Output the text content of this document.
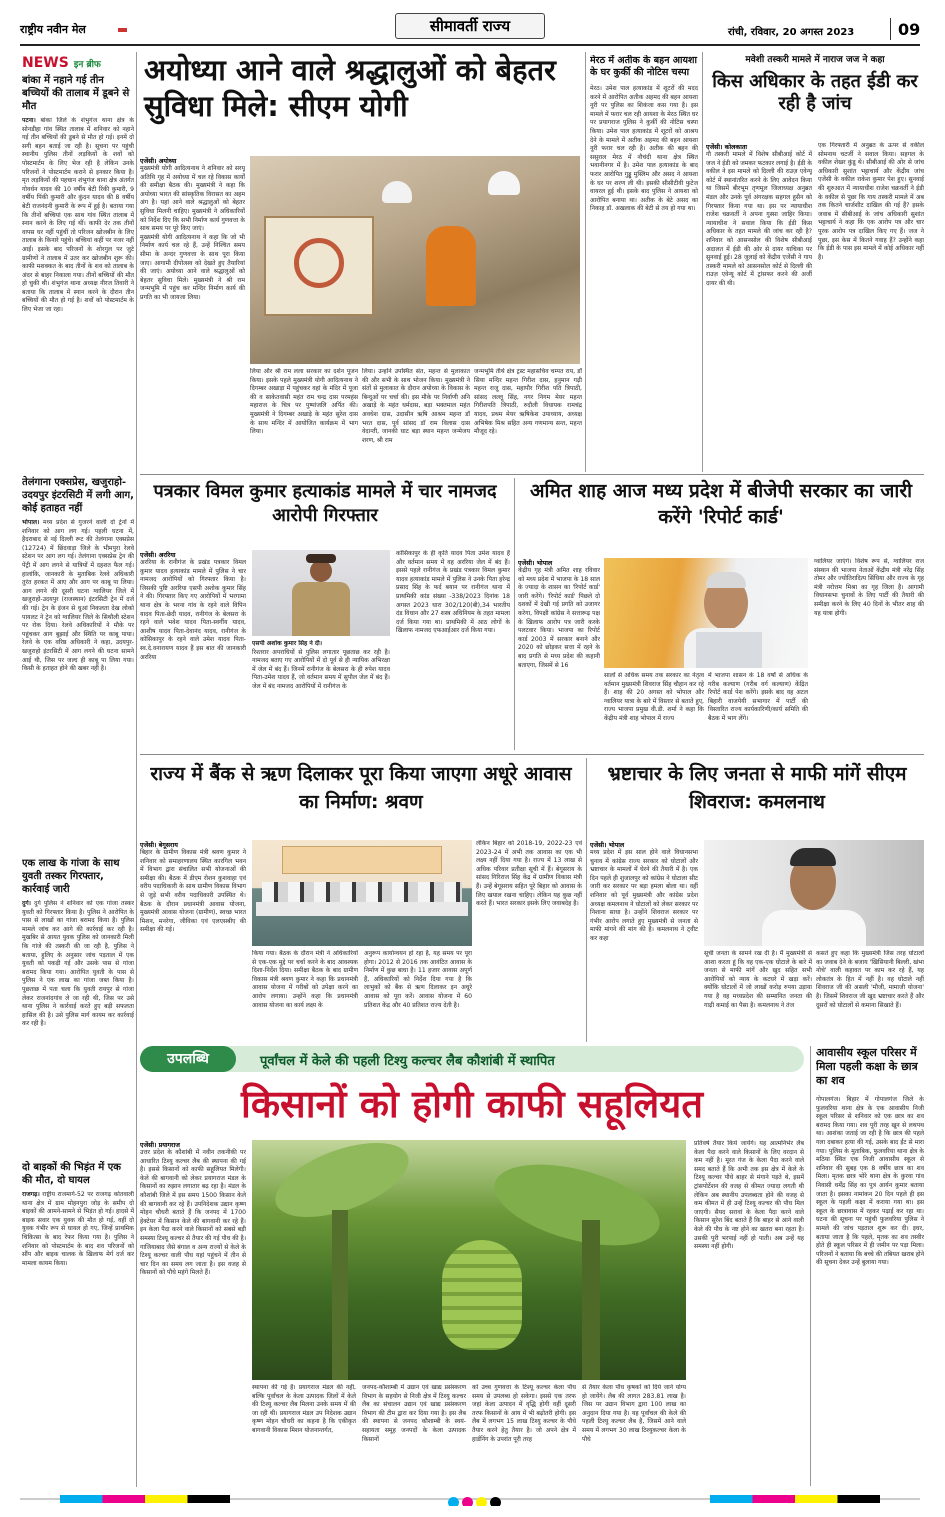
राष्ट्रीय नवीन मेल	सीमावर्ती राज्य	रांची, रविवार, 20 अगस्त 2023	09
NEWS इन ब्रीफ
बांका में नहाने गई तीन बच्चियों की तालाब में डूबने से मौत
पटना। बांका जिले के शंभुगंज थाना क्षेत्र के सोनडीहा गांव स्थित तालाब में शनिवार को नहाने गई तीन बच्चियों की डूबने से मौत हो गई। इनमें दो सगी बहन बताई जा रही है। सूचना पर पहुंची स्थानीय पुलिस तीनों लड़कियों के शवों को पोस्टमार्टम के लिए भेज रही है लेकिन उनके परिजनों ने पोस्टमार्टम कराने से इनकार किया है। मृत लड़कियों की पहचान शंभुगंज थाना क्षेत्र अंतर्गत गोवर्धन यादव की 10 वर्षीय बेटी रिंकी कुमारी, 9 वर्षीय पिंकी कुमारी और कुंदन यादव की 8 वर्षीय बेटी राजनंदनी कुमारी के रूप में हुई है। बताया गया कि तीनों बच्चियां एक साथ गांव स्थित तालाब में स्नान करने के लिए गई थीं। काफी देर तक तीनों वापस घर नहीं पहुंचीं तो परिजन खोजबीन के लिए तालाब के किनारे पहुंचे। बच्चियां कहीं पर नजर नहीं आईं। इसके बाद परिजनों के शोरगुल पर जुटे ग्रामीणों ने तालाब में उतर कर खोजबीन शुरू की। काफी मशक्कत के बाद तीनों के शव को तालाब के अंदर से बाहर निकाला गया। तीनों बच्चियों की मौत हो चुकी थी। शंभुगंज थाना अध्यक्ष नीरज तिवारी ने बताया कि तालाब में स्नान करने के दौरान तीन बच्चियों की मौत हो गई है। शवों को पोस्टमार्टम के लिए भेजा जा रहा।
तेलंगाना एक्सप्रेस, खजुराहो-उदयपुर इंटरसिटी में लगी आग, कोई हताहत नहीं
भोपाल। मध्य प्रदेश से गुजरने वाली दो ट्रेनों में शनिवार को आग लग गई। पहली घटना में, हैदराबाद से नई दिल्ली रूट की तेलंगाना एक्सप्रेस (12724) में छिंदवाड़ा जिले के भीमपुरा रेलवे स्टेशन पर आग लग गई। तेलंगाना एक्सप्रेस ट्रेन की पेंट्री में आग लगने से यात्रियों में दहशत फैल गई। हालांकि, जानकारी के मुताबिक रेलवे अधिकारी तुरंत हरकत में आए और आग पर काबू पा लिया। आग लगने की दूसरी घटना ग्वालियर जिले में खजुराहो-उदयपुर (राजस्थान) इंटरसिटी ट्रेन में दर्ज की गई। ट्रेन के इंजन से धुआं निकलता देख लोको पायलट ने ट्रेन को ग्वालियर जिले के सिथौली स्टेशन पर रोक दिया। रेलवे अधिकारियों ने मौके पर पहुंचकर आग बुझाई और स्थिति पर काबू पाया। रेलवे के एक वरिष्ठ अधिकारी ने कहा, उदयपुर-खजुराहो इंटरसिटी में आग लगने की घटना सामने आई थी, जिस पर जल्द ही काबू पा लिया गया। किसी के हताहत होने की खबर नहीं है।
एक लाख के गांजा के साथ युवती तस्कर गिरफ्तार, कार्रवाई जारी
दुर्ग। दुर्ग पुलिस ने शनिवार को एक गांजा तस्कर युवती को गिरफ्तार किया है। पुलिस ने आरोपित के पास से लाखों का गांजा बरामद किया है। पुलिस मामले जांच कर आगे की कार्रवाई कर रही है। मुखबिर से आयत युवक पुलिस को जानकारी मिली कि गांजे की तस्करी की जा रही है, पुलिस ने बताया, हुलिए के अनुसार जांच पड़ताल में एक युवती को पकड़ी गई और उसके पास से गांजा बरामद किया गया। आरोपित युवती के पास से पुलिस ने एक लाख का गांजा जब्त किया है। पूछताछ में पता चला कि युवती रायपुर से गांजा लेकर राजनांदगांव ले जा रही थी, जिस पर उसे थाना पुलिस ने कार्रवाई करते हुए बड़ी सफलता हासिल की है। उसे पुलिस मार्ग कायम कर कार्रवाई कर रही है।
दो बाइकों की भिड़ंत में एक की मौत, दो घायल
राजगढ़। राष्ट्रीय राजमार्ग-52 पर राजगढ़ कोतवाली थाना क्षेत्र में ग्राम मोहनपुरा जोड़ के समीप दो बाइकों की आमने-सामने से भिड़ंत हो गई। हादसे में बाइक सवार एक युवक की मौत हो गई, वहीं दो युवक गंभीर रूप से घायल हो गए, जिन्हें प्राथमिक चिकित्सा के बाद रेफर किया गया है। पुलिस ने शनिवार को पोस्टमार्टम के बाद शव परिजनों को सौंप और बाइक चालक के खिलाफ मेर्ग दर्ज कर मामला कायम किया।
अयोध्या आने वाले श्रद्धालुओं को बेहतर सुविधा मिले: सीएम योगी
एजेंसी। अयोध्या
मुख्यमंत्री योगी आदित्यनाथ ने शनिवार को सरयू अतिथि गृह में अयोध्या में चल रहे विकास कार्यों की समीक्षा बैठक की। मुख्यमंत्री ने कहा कि अयोध्या भारत की सांस्कृतिक विरासत का अहम अंग है। यहां आने वाले श्रद्धालुओं को बेहतर सुविधा मिलनी चाहिए। मुख्यमंत्री ने अधिकारियों को निर्देश दिए कि सभी निर्माण कार्य गुणवत्ता के साथ समय पर पूरे किए जाएं।
मुख्यमंत्री योगी आदित्यनाथ ने कहा कि जो भी निर्माण कार्य चल रहे हैं, उन्हें निश्चित समय सीमा के अन्दर गुणवत्ता के साथ पूरा किया जाए। आगामी दीपोत्सव को देखते हुए तैयारियां की जाएं। अयोध्या आने वाले श्रद्धालुओं को बेहतर सुविधा मिले। मुख्यमंत्री ने श्री राम जन्मभूमि में पहुंच कर मन्दिर निर्माण कार्य की प्रगति का भी जायजा लिया।
लिया और श्री राम लला सरकार का दर्शन पूजन किया। इसके पहले मुख्यमंत्री योगी आदित्यनाथ ने दिगम्बर अखाड़ा में पहुंचकर वहां के मंदिर में पूजा की व साकेतवासी महंत राम चन्द्र दास परमहंस महाराज के चित्र पर पुष्पांजलि अर्पित की। मुख्यमंत्री ने दिगम्बर अखाड़े के महंत सुरेश दास के साथ मन्दिर में आयोजित कार्यक्रम में भाग लिया।
लिया। उन्होंने उपस्थित संत, महन्त से मुलाकात की और सभी के साथ भोजन किया। मुख्यमंत्री ने संतों से मुलाकात के दौरान अयोध्या के विकास के बिन्दुओं पर चर्चा की। इस मौके पर निर्वाणी अनि अखाड़े के महंत धर्मदास, बड़ा भक्तमाल महंत अवधेश दास, उदासीन ऋषि आश्रम महन्त डॉ भरत दास, पूर्व सांसद डॉ राम विलास दास वेदान्ती, जानकी घाट बड़ा स्थान महन्त जन्मेजय शरण, श्री राम
जन्मभूमि तीर्थ क्षेत्र ट्रस्ट महासचिव चम्पत राय, डॉ सिया मन्दिर महन्त गिरीश दास, हनुमान गढ़ी महन्त राजू दास, महापौर गिरीश पति त्रिपाठी, सांसद लल्लू सिंह, नगर निगम मेयर महन्त गिरीशपति त्रिपाठी, रुदौली विधायक रामचंद्र यादव, प्रथम मेयर ऋषिकेश उपाध्याय, अध्यक्ष अभिषेक मिश्र सहित अन्य गणमान्य सन्त, महन्त मौजूद रहे।
मेरठ में अतीक के बहन आयशा के घर कुर्की की नोटिस चस्पा
मेरठ। उमेश पाल हत्याकांड में शूटरों की मदद करने में आरोपित अतीक अहमद की बहन आयशा नूरी पर पुलिस का शिकंजा कस गया है। इस मामले में फरार चल रही आयशा के मेरठ स्थित घर पर प्रयागराज पुलिस ने कुर्की की नोटिस चस्पा किया। उमेश पाल हत्याकांड में शूटरों को आश्रय देने के मामले में अतीक अहमद की बहन आयशा नूरी फरार चल रही है। अतीक की बहन की ससुराल मेरठ में नौचंदी थाना क्षेत्र स्थित भवानीनगर में है। उमेश पाल हत्याकांड के बाद फरार आरोपित गुड्डू मुस्लिम और असद ने आयशा के घर पर शरण ली थी। इसकी सीसीटीवी फुटेज वायरल हुई थी। इसके बाद पुलिस ने आयशा को आरोपित बनाया था। अतीक के बेटे असद का निकाह डॉ. अखलाक की बेटी से तय हो गया था।
मवेशी तस्करी मामले में नाराज जज ने कहा
किस अधिकार के तहत ईडी कर रही है जांच
एजेंसी। कोलकाता
गौ तस्करी मामले में विशेष सीबीआई कोर्ट में जज ने ईडी को जमकर फटकार लगाई है। ईडी के वकील ने इस मामले को दिल्ली की राउज़ एवेन्यू कोर्ट में स्थानांतरित करने के लिए आवेदन किया था जिसमें बीरभूम तृणमूल जिलाध्यक्ष अनुब्रत मंडल और उनके पूर्व अंगरक्षक सहगल हुसैन को गिरफ्तार किया गया था। इस पर न्यायाधीश राजेश चक्रवर्ती ने अपना गुस्सा जाहिर किया। न्यायाधीश ने सवाल किया कि ईडी किस अधिकार के तहत मामले की जांच कर रही है? शनिवार को आसनसोल की विशेष सीबीआई अदालत में ईडी की ओर से दायर याचिका पर सुनवाई हुई। 28 जुलाई को केंद्रीय एजेंसी ने गाय तस्करी मामले को आसनसोल कोर्ट से दिल्ली की राउज़ एवेन्यू कोर्ट में ट्रांसफर करने की अर्जी दायर की थी।
एक गिरफ्तारी में अनुब्रत के ऊपर से वकील सोमनाथ चटर्जी ने सवाल किया। सहगल के वकील शेखर कुंडू थे। सीबीआई की ओर से जांच अधिकारी सुशांत भट्टाचार्य और केंद्रीय जांच एजेंसी के वकील राकेश कुमार पेश हुए। सुनवाई की शुरुआत में न्यायाधीश राजेश चक्रवर्ती ने ईडी के वकील से पूछा कि गाय तस्करी मामले में अब तक कितने चार्जशीट दाखिल की गई हैं? इसके जवाब में सीबीआई के जांच अधिकारी सुशांत भट्टाचार्य ने कहा कि एक आरोप पत्र और चार पूरक आरोप पत्र दाखिल किए गए हैं। जज ने पूछा, इस केस में कितने गवाह हैं? उन्होंने कहा कि ईडी के पास इस मामले में कोई अधिकार नहीं है।
पत्रकार विमल कुमार हत्याकांड मामले में चार नामजद आरोपी गिरफ्तार
एजेंसी। अररिया
अररिया के रानीगंज के प्रखंड पत्रकार विमल कुमार यादव हत्याकांड मामले में पुलिस ने चार नामजद आरोपियों को गिरफ्तार किया है। जिसकी पुष्टि अररिया एसपी अशोक कुमार सिंह ने की। गिरफ्तार किए गए आरोपियों में भरगामा थाना क्षेत्र के भरना गांव के रहने वाले विपिन यादव पिता-छेदी यादव, रानीगंज के बेलसरा के रहने वाले भवेश यादव पिता-स्वर्गीय यादव, आशीष यादव पिता-देवानंद यादव, रानीगंज के कोसिकापुर के रहने वाले उमेश यादव पिता-स्व.दे.वनारायण यादव हैं इस बात की जानकारी अररिया
एसपी अशोक कुमार सिंह ने दी।
रिश्तरार अपराधियों से पुलिस लगातार पूछताछ कर रही है। नामजद बताए गए आरोपियों में दो पूर्व से ही न्यायिक अभिरक्षा में जेल में बंद हैं। जिनमें रानीगंज के बेलसरा के ही रुपेश यादव पिता-उमेश यादव हैं, जो वर्तमान समय में सुपौल जेल में बंद हैं। जेल में बंद नामजद आरोपियों में रानीगंज के
कोसिकापुर के ही कृति यादव पिता उमेश यादव हैं और वर्तमान समय में वह अररिया जेल में बंद हैं। इससे पहले रानीगंज के प्रखंड पत्रकार विमल कुमार यादव हत्याकांड मामले में पुलिस ने उनके पिता हरेन्द्र प्रसाद सिंह के फर्द बयान पर रानीगंज थाना में प्राथमिकी कांड संख्या -338/2023 दिनांक 18 अगस्त 2023 धारा 302/120(बी),34 भारतीय दंड विधान और 27 शस्त्र अधिनियम के तहत मामला दर्ज किया गया था। प्राथमिकी में आठ लोगों के खिलाफ नामजद एफआईआर दर्ज किया गया।
अमित शाह आज मध्य प्रदेश में बीजेपी सरकार का जारी करेंगे 'रिपोर्ट कार्ड'
एजेंसी। भोपाल
केंद्रीय गृह मंत्री अमित शाह रविवार को मध्य प्रदेश में भाजपा के 18 साल के ज्यादा के शासन का 'रिपोर्ट कार्ड' जारी करेंगे। 'रिपोर्ट कार्ड' पिछले दो दशकों में देखी गई प्रगति को उजागर करेगा, विपक्षी कांग्रेस ने सत्तारूढ़ पक्ष के खिलाफ आरोप पत्र जारी करके पलटवार किया। भाजपा का रिपोर्ट कार्ड 2003 में सरकार बनाने और 2020 को छोड़कर सत्ता में रहने के बाद प्रगति से मध्य प्रदेश की कहानी बताएगा, जिसमें से 16
सालों से अधिक समय तक सरकार का नेतृत्व वर्तमान मुख्यमंत्री शिवराज सिंह चौहान कर रहे हैं। शाह की 20 अगस्त को भोपाल और ग्वालियर यात्रा के बारे में विस्तार से बताते हुए, राज्य भाजपा प्रमुख वी.डी. शर्मा ने कहा कि केंद्रीय मंत्री शाह भोपाल में राज्य
में भाजपा शासन के 18 वर्षों से अधिक के गरीब कल्याण (गरीब वर्ग कल्याण) केंद्रित रिपोर्ट कार्ड पेश करेंगे। इसके बाद वह अटल बिहारी वाजपेयी सभागार में पार्टी की विस्तारित राज्य कार्यकारिणी/कार्य समिति की बैठक में भाग लेंगे।
ग्वालियर जाएंगे। विशेष रूप से, ग्वालियर राज संस्थान की भाजपा नेताओं केंद्रीय मंत्री नरेंद्र सिंह तोमर और ज्योतिरादित्य सिंधिया और राज्य के गृह मंत्री नरोत्तम मिश्रा का गृह जिला है। आगामी विधानसभा चुनावों के लिए पार्टी की तैयारी की समीक्षा करने के लिए 40 दिनों के भीतर शाह की यह यात्रा होगी।
राज्य में बैंक से ऋण दिलाकर पूरा किया जाएगा अधूरे आवास का निर्माण: श्रवण
एजेंसी। बेगूसराय
बिहार के ग्रामीण विकास मंत्री श्रवण कुमार ने शनिवार को समाहरणालय स्थित कारगिल भवन में विभाग द्वारा संचालित सभी योजनाओं की समीक्षा की। बैठक में डीएम रोशन कुशवाहा एवं वरीय पदाधिकारी के साथ ग्रामीण विकास विभाग से जुड़े सभी वरीय पदाधिकारी उपस्थित थे। बैठक के दौरान प्रधानमंत्री आवास योजना, मुख्यमंत्री आवास योजना (ग्रामीण), स्वच्छ भारत मिशन, मनरेगा, जीविका एवं एलएसबीए की समीक्षा की गई।
किया गया। बैठक के दौरान मंत्री ने अधिकारियों से एक-एक मुद्दे पर चर्चा करने के बाद आवश्यक दिशा-निर्देश दिया। समीक्षा बैठक के बाद ग्रामीण विकास मंत्री श्रवण कुमार ने कहा कि प्रधानमंत्री आवास योजना में गरीबों को उपेक्षा करने का आरोप लगाया। उन्होंने कहा कि प्रधानमंत्री आवास योजना का कार्य लक्ष्य के
अनुरूप कार्यान्वयन हो रहा है, यह समय पर पूरा होगा। 2012 से 2016 तक आवंटित आवास के निर्माण में कुछ बाधा है। 11 हजार आवास अपूर्ण हैं, अधिकारियों को निर्देश दिया गया है कि लाभुकों को बैंक से ऋण दिलाकर इन अधूरे आवास को पूरा करें। आवास योजना में 60 प्रतिशत केंद्र और 40 प्रतिशत राज्य देती है।
लेकिन बिहार को 2018-19, 2022-23 एवं 2023-24 में अभी तक आवास का एक भी लक्ष्य नहीं दिया गया है। राज्य में 13 लाख से अधिक परिवार प्रतीक्षा सूची में हैं। बेगूसराय के सांसद गिरिराज सिंह केंद्र में ग्रामीण विकास मंत्री हैं। उन्हें बेगूसराय सहित पूरे बिहार को आवास के लिए खयाल रखना चाहिए। लेकिन यह कुछ नहीं करते हैं। भारत सरकार इसके लिए जवाबदेह है।
भ्रष्टाचार के लिए जनता से माफी मांगें सीएम शिवराज: कमलनाथ
एजेंसी। भोपाल
मध्य प्रदेश में इस साल होने वाले विधानसभा चुनाव में कांग्रेस राज्य सरकार को घोटालों और भ्रष्टाचार के मामलों में घेरने की तैयारी में है। एक दिन पहले ही शुजालपुर को कांग्रेस ने घोटाला सीट जारी कर सरकार पर बड़ा हमला बोला था। वहीं शनिवार को पूर्व मुख्यमंत्री और कांग्रेस प्रदेश अध्यक्ष कमलनाथ ने घोटालों को लेकर सरकार पर निशाना साधा है। उन्होंने शिवराज सरकार पर गंभीर आरोप लगाते हुए मुख्यमंत्री से जनता से माफी मांगने की मांग की है। कमलनाथ ने ट्वीट कर कहा
सूची जनता के सामने रख दी है। मैं मुख्यमंत्री से आशा करता हूं कि वह एक-एक घोटाले के बारे में जनता से माफी मांगें और खुद सहित सभी आरोपियों को न्याय के कटघरे में खड़ा करें। क्योंकि घोटालों में जो लाखों करोड़ रुपया उड़ाया गया है वह मध्यप्रदेश की सम्मानित जनता की गाढ़ी कमाई का पैसा है। कमलनाथ ने तंज
कसते हुए कहा कि मुख्यमंत्री जिस तरह घोटालों का जवाब देने के बजाय 'खिसियानी बिल्ली, खंभा नोचे' वाली कहावत पर काम कर रहे हैं, यह लोकतंत्र के हित में नहीं है। वह घोटाले नहीं शिवराज जी की असली 'मौजी, मामाजी योजना' है। जिसमें शिवराज जी खुद भ्रष्टाचार करते हैं और दूसरों को घोटालों से कमाना सिखाते हैं।
उपलब्धि	पूर्वांचल में केले की पहली टिश्यु कल्चर लैब कौशांबी में स्थापित
किसानों को होगी काफी सहूलियत
एजेंसी। प्रयागराज
उत्तर प्रदेश के कौशांबी में नवीन तकनीकी पर आधारित टिश्यु कल्चर लैब की स्थापना की गई है। इससे किसानों को काफी सहूलियत मिलेगी। केले की बागवानी को लेकर प्रयागराज मंडल के किसानों का रुझान लगातार बढ़ रहा है। मंडल के कौशांबी जिले में इस समय 1500 किसान केले की बागवानी कर रहे हैं। उपनिदेशक उद्यान कृष्ण मोहन चौधरी बताते हैं कि जनपद में 1700 हेक्टेयर में किसान केले की बागवानी कर रहे हैं। इन केला पैदा करने वाले किसानों को सबसे बड़ी समस्या टिश्यू कल्चर से तैयार की गई पौध की है। गाजियाबाद जैसे बंगाल व अन्य राज्यों से केले के टिश्यू कल्चर वाली पौध यहां पहुंचने में तीन से चार दिन का समय लग जाता है। इस वजह से किसानों को पौधे महंगे मिलते हैं।
स्थापना की गई है। प्रयागराज मंडल की नहीं, बल्कि पूर्वांचल के केला उत्पादक जिलों में केले की टिश्यु कल्चर लैब मिलना उनके समय में की जा रही थी। प्रयागराज मंडल उप निदेशक उद्यान कृष्ण मोहन चौधरी का कहना है कि एकीकृत बागवानी विकास मिशन योजनान्तर्गत,
जनपद-कौशाम्बी में उद्यान एवं खाद्य प्रसंस्करण विभाग के सहयोग से निजी क्षेत्र में टिश्यु कल्चर लैब का संचालन उद्यान एवं खाद्य प्रसंस्करण विभाग की टीम द्वारा कर दिया गया है। इस लैब की स्थापना से जनपद कौशाम्बी के स्वयं-सहायता समूह जनपदों के केला उत्पादक किसानों
को उच्च गुणवत्ता के टिश्यू कल्चर केला पौध समय से उपलब्ध हो सकेगा। इससे एक तरफ जहां केला उत्पादन में वृद्धि होगी वहीं दूसरी तरफ किसानों के आय में भी बढ़ोतरी होगी। इस लैब में लगभग 15 लाख टिश्यु कल्चर के पौधे तैयार करने हेतु तैयार है। जो अपने क्षेत्र में हार्डनिंग के उपरांत पूरी तरह
से तैयार केला पौध कृषकों को दिये जाने योग्य हो जायेंगे। लैब की लागत 283.81 लाख है। जिस पर उद्यान विभाग द्वारा 100 लाख का अनुदान दिया गया है। यह पूर्वांचल की केले की पहली टिश्यु कल्चर लैब है, जिसमें आने वाले समय में लगभग 30 लाख टिश्युकल्चर केला के पौधे
प्रतिवर्ष तैयार किये जायेंगे। यह आत्मनिर्भर लैब केला पैदा करने वाले किसानों के लिए वरदान से कम नहीं है। मूरत गंज के केला पैदा करने वाले समद बताते हैं कि अभी तक इस क्षेत्र में केले के टिश्यू कल्चर पौधे बाहर से मंगाने पड़ते थे, इसमें ट्रांसपोर्टेशन की वजह से कीमत ज्यादा लगती थी लेकिन अब स्थानीय उपलब्धता होने की वजह से कम कीमत में ही उन्हें टिश्यू कल्चर की पौध मिल जाएगी। सैयद सरावां के केला पैदा करने वाले किसान सुरेश बिंद बताते हैं कि बाहर से आने वाली केले की पौध के नष्ट होने का खतरा बना रहता है। उसकी पूरी भरपाई नहीं हो पाती। अब उन्हें यह समस्या नहीं होगी।
आवासीय स्कूल परिसर में मिला पहली कक्षा के छात्र का शव
गोपालगंज। बिहार में गोपालगंज जिले के फुलवरिया थाना क्षेत्र के एक आवासीय निजी स्कूल परिसर से शनिवार को एक छात्र का शव बरामद किया गया। शव पूरी तरह खून से लथपथ था। आशंका जताई जा रही है कि छात्र की पहले गला दबाकर हत्या की गई, उसके बाद ईंट से मारा गया। पुलिस के मुताबिक, फुलवरिया थाना क्षेत्र के मठिया स्थित एक निजी आवासीय स्कूल से शनिवार की सुबह एक 8 वर्षीय छात्र का शव मिला। मृतक छात्र भोरे थाना क्षेत्र के कुरवा गांव निवासी धर्मेंद्र सिंह का पुत्र आर्यन कुमार बताया जाता है। इसका नामांकन 20 दिन पहले ही इस स्कूल के पहली कक्षा में कराया गया था। इस स्कूल के छात्रावास में रहकर पढ़ाई कर रहा था। घटना की सूचना पर पहुंची फुलवरिया पुलिस ने मामले की जांच पड़ताल शुरू कर दी। इधर, बताया जाता है कि पहले, मृतक का शव तस्वीर होते ही स्कूल परिसर में ही जमीन पर पड़ा मिला। परिजनों ने बताया कि बच्चे की तबियत खराब होने की सूचना देकर उन्हें बुलाया गया।
